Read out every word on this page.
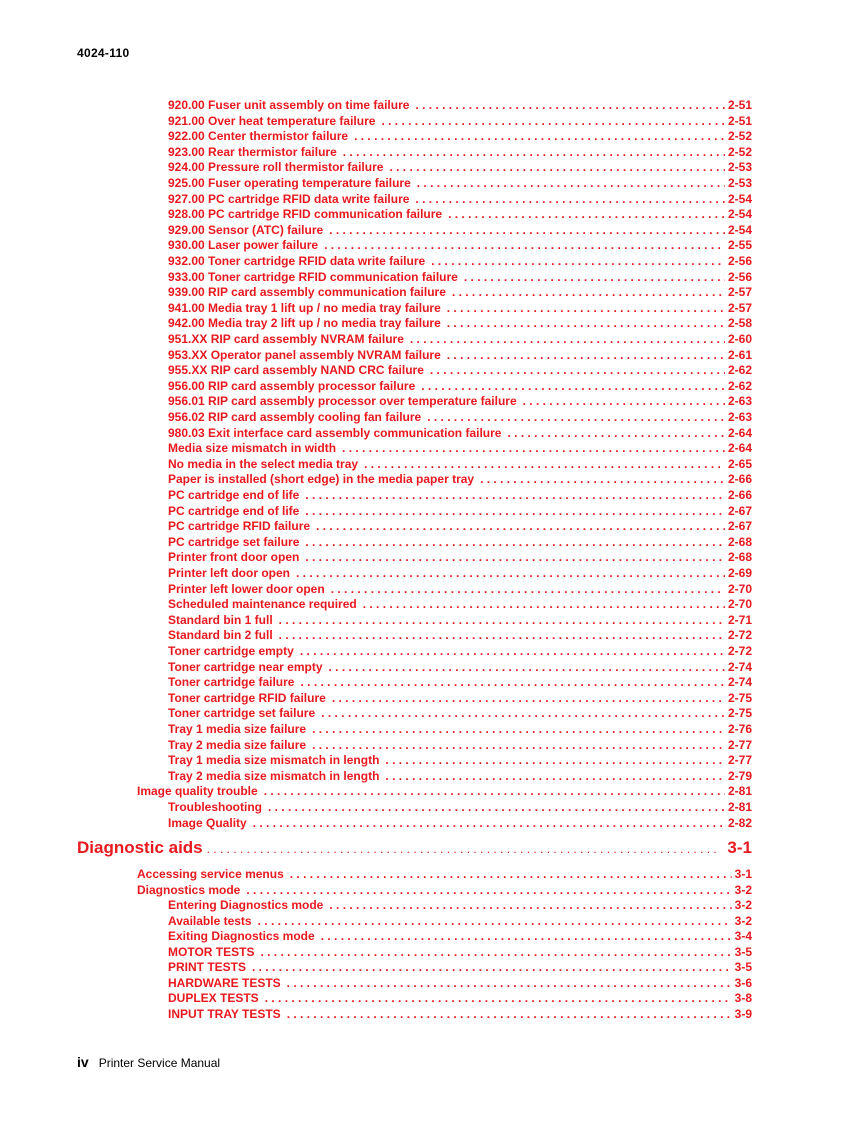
4024-110
920.00 Fuser unit assembly on time failure . . .	2-51
921.00 Over heat temperature failure . . .	2-51
922.00 Center thermistor failure . . .	2-52
923.00 Rear thermistor failure . . .	2-52
924.00 Pressure roll thermistor failure . . .	2-53
925.00 Fuser operating temperature failure . . .	2-53
927.00 PC cartridge RFID data write failure . . .	2-54
928.00 PC cartridge RFID communication failure . . .	2-54
929.00 Sensor (ATC) failure . . .	2-54
930.00 Laser power failure . . .	2-55
932.00 Toner cartridge RFID data write failure . . .	2-56
933.00 Toner cartridge RFID communication failure . . .	2-56
939.00 RIP card assembly communication failure . . .	2-57
941.00 Media tray 1 lift up / no media tray failure . . .	2-57
942.00 Media tray 2 lift up / no media tray failure . . .	2-58
951.XX RIP card assembly NVRAM failure . . .	2-60
953.XX Operator panel assembly NVRAM failure . . .	2-61
955.XX RIP card assembly NAND CRC failure . . .	2-62
956.00 RIP card assembly processor failure . . .	2-62
956.01 RIP card assembly processor over temperature failure . . .	2-63
956.02 RIP card assembly cooling fan failure . . .	2-63
980.03 Exit interface card assembly communication failure . . .	2-64
Media size mismatch in width . . .	2-64
No media in the select media tray . . .	2-65
Paper is installed (short edge) in the media paper tray . . .	2-66
PC cartridge end of life . . .	2-66
PC cartridge end of life . . .	2-67
PC cartridge RFID failure . . .	2-67
PC cartridge set failure . . .	2-68
Printer front door open . . .	2-68
Printer left door open . . .	2-69
Printer left lower door open . . .	2-70
Scheduled maintenance required . . .	2-70
Standard bin 1 full . . .	2-71
Standard bin 2 full . . .	2-72
Toner cartridge empty . . .	2-72
Toner cartridge near empty . . .	2-74
Toner cartridge failure . . .	2-74
Toner cartridge RFID failure . . .	2-75
Toner cartridge set failure . . .	2-75
Tray 1 media size failure . . .	2-76
Tray 2 media size failure . . .	2-77
Tray 1 media size mismatch in length . . .	2-77
Tray 2 media size mismatch in length . . .	2-79
Image quality trouble . . .	2-81
Troubleshooting . . .	2-81
Image Quality . . .	2-82
Diagnostic aids . . .	3-1
Accessing service menus . . .	3-1
Diagnostics mode . . .	3-2
Entering Diagnostics mode . . .	3-2
Available tests . . .	3-2
Exiting Diagnostics mode . . .	3-4
MOTOR TESTS . . .	3-5
PRINT TESTS . . .	3-5
HARDWARE TESTS . . .	3-6
DUPLEX TESTS . . .	3-8
INPUT TRAY TESTS . . .	3-9
iv Printer Service Manual
